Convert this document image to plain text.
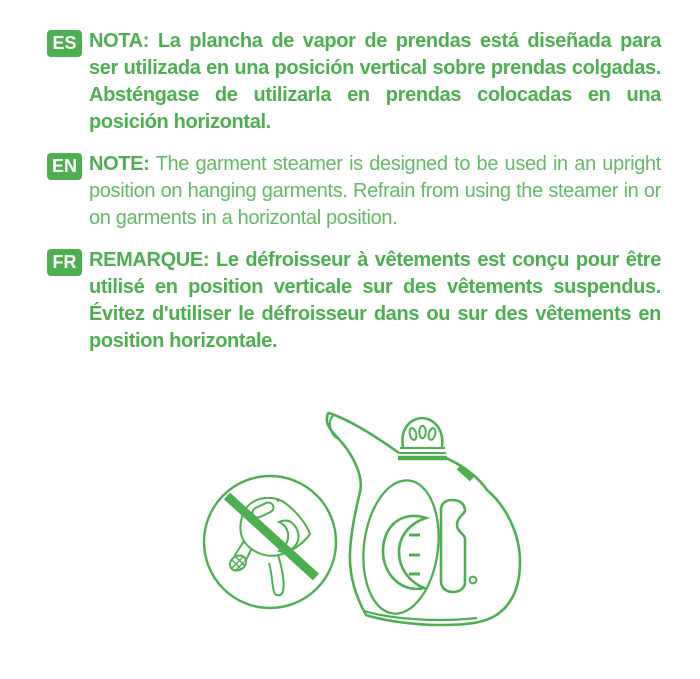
ES NOTA: La plancha de vapor de prendas está diseñada para ser utilizada en una posición vertical sobre prendas colgadas. Absténgase de utilizarla en prendas colocadas en una posición horizontal.

EN NOTE: The garment steamer is designed to be used in an upright position on hanging garments. Refrain from using the steamer in or on garments in a horizontal position.

FR REMARQUE: Le défroisseur à vêtements est conçu pour être utilisé en position verticale sur des vêtements suspendus. Évitez d'utiliser le défroisseur dans ou sur des vêtements en position horizontale.
